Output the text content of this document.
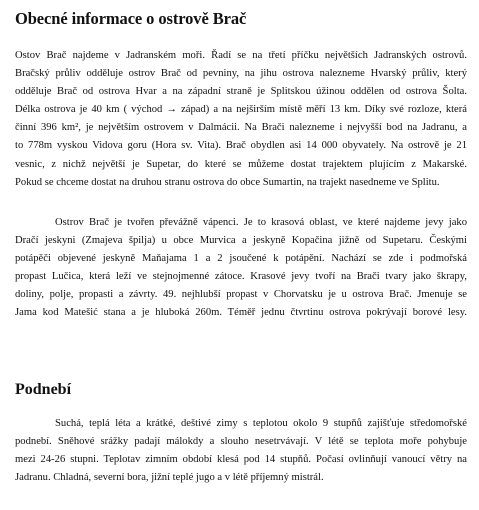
Obecné informace o ostrově Brač
Ostov Brač najdeme v Jadranském moři. Řadí se na třetí příčku největších Jadranských ostrovů.
Bračský průliv odděluje ostrov Brač od pevniny, na jihu ostrova nalezneme Hvarský průliv, který
odděluje Brač od ostrova Hvar a na západní straně je Splitskou úžinou oddělen od ostrova Šolta.
Délka ostrova je 40 km ( východ → západ) a na nejširším místě měří 13 km. Díky své rozloze, která
činní 396 km², je největším ostrovem v Dalmácii. Na Brači nalezneme i nejvyšší bod na Jadranu, a
to 778m vyskou Vidova goru (Hora sv. Vita). Brač obydlen asi 14 000 obyvately. Na ostrově je 21
vesnic, z nichž největší je Supetar, do které se můžeme dostat trajektem plujícím z Makarské.
Pokud se chceme dostat na druhou stranu ostrova do obce Sumartin, na trajekt nasedneme ve Splitu.
Ostrov Brač je tvořen převážně vápenci. Je to krasová oblast, ve které najdeme jevy jako
Dračí jeskyni (Zmajeva špilja) u obce Murvica a jeskyně Kopačina jižně od Supetaru. Českými
potápěči objevené jeskyně Maňajama 1 a 2 jsoučené k potápění. Nachází se zde i podmořská
propast Lučica, která leží ve stejnojmenné zátoce. Krasové jevy tvoří na Brači tvary jako škrapy,
doliny, polje, propasti a závrty. 49. nejhlubší propast v Chorvatsku je u ostrova Brač. Jmenuje se
Jama kod Matešić stana a je hluboká 260m. Téměř jednu čtvrtinu ostrova pokrývají borové lesy.
Podnebí
Suchá, teplá léta a krátké, deštivé zimy s teplotou okolo 9 stupňů zajišťuje středomořské
podnebí. Sněhové srážky padají málokdy a slouho nesetrvávají. V létě se teplota moře pohybuje
mezi 24-26 stupni. Teplotav zimním období klesá pod 14 stupňů. Počasí ovlinňují vanoucí větry na
Jadranu. Chladná, severní bora, jižní teplé jugo a v létě příjemný mistrál.
